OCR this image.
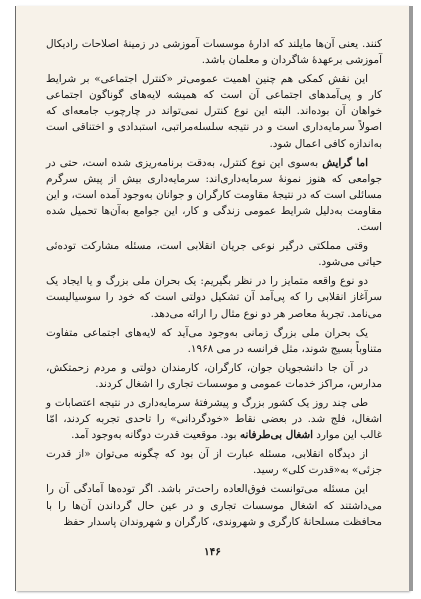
کنند. یعنی آن‌ها مایلند که اداره‌ٔ موسسات آموزشی در زمینه‌ٔ اصلاحات رادیکال آموزشی برعهده‌ٔ شاگردان و معلمان باشد.

این نقش کمکی هم چنین اهمیت عمومی‌تر «کنترل اجتماعی» بر شرایط کار و پی‌آمدهای اجتماعی آن است که همیشه لایه‌های گوناگون اجتماعی خواهان آن بوده‌اند. البته این نوع کنترل نمی‌تواند در چارچوب جامعه‌ای که اصولاً سرمایه‌داری است و در نتیجه سلسله‌مراتبی، استبدادی و اختناقی است به‌اندازه کافی اعمال شود.

اما گرایش به‌سوی این نوع کنترل، به‌دقت برنامه‌ریزی شده است، حتی در جوامعی که هنوز نمونهٔ سرمایه‌داری‌اند: سرمایه‌داری بیش از پیش سرگرم مسائلی است که در نتیجهٔ مقاومت کارگران و جوانان به‌وجود آمده است، و این مقاومت به‌دلیل شرایط عمومی زندگی و کار، این جوامع به‌آن‌ها تحمیل شده است.

وقتی مملکتی درگیر نوعی جریان انقلابی است، مسئله مشارکت توده‌ئی حیاتی می‌شود.

دو نوع واقعه متمایز را در نظر بگیریم: یک بحران ملی بزرگ و یا ایجاد یک سرآغاز انقلابی را که پی‌آمد آن تشکیل دولتی است که خود را سوسیالیست می‌نامد. تجربهٔ معاصر هر دو نوع مثال را ارائه می‌دهد.

یک بحران ملی بزرگ زمانی به‌وجود می‌آید که لایه‌های اجتماعی متفاوت متناوباً بسیج شوند، مثل فرانسه در می ۱۹۶۸.

در آن جا دانشجویان جوان، کارگران، کارمندان دولتی و مردم زحمتکش، مدارس، مراکز خدمات عمومی و موسسات تجاری را اشغال کردند.

طی چند روز یک کشور بزرگ و پیشرفتهٔ سرمایه‌داری در نتیجه اعتصابات و اشغال، فلج شد. در بعضی نقاط «خودگردانی» را تاحدی تجربه کردند، امّا غالب این موارد اشغال بی‌طرفانه بود. موقعیت قدرت دوگانه به‌وجود آمد.

از دیدگاه انقلابی، مسئله عبارت از آن بود که چگونه می‌توان «از قدرت جزئی» به«قدرت کلی» رسید.

این مسئله می‌توانست فوق‌العاده راحت‌تر باشد. اگر توده‌ها آمادگی آن را می‌داشتند که اشغال موسسات تجاری و در عین حال گرداندن آن‌ها را با محافظت مسلحانهٔ کارگری و شهروندی، کارگران و شهروندان پاسدار حفظ

۱۴۶
